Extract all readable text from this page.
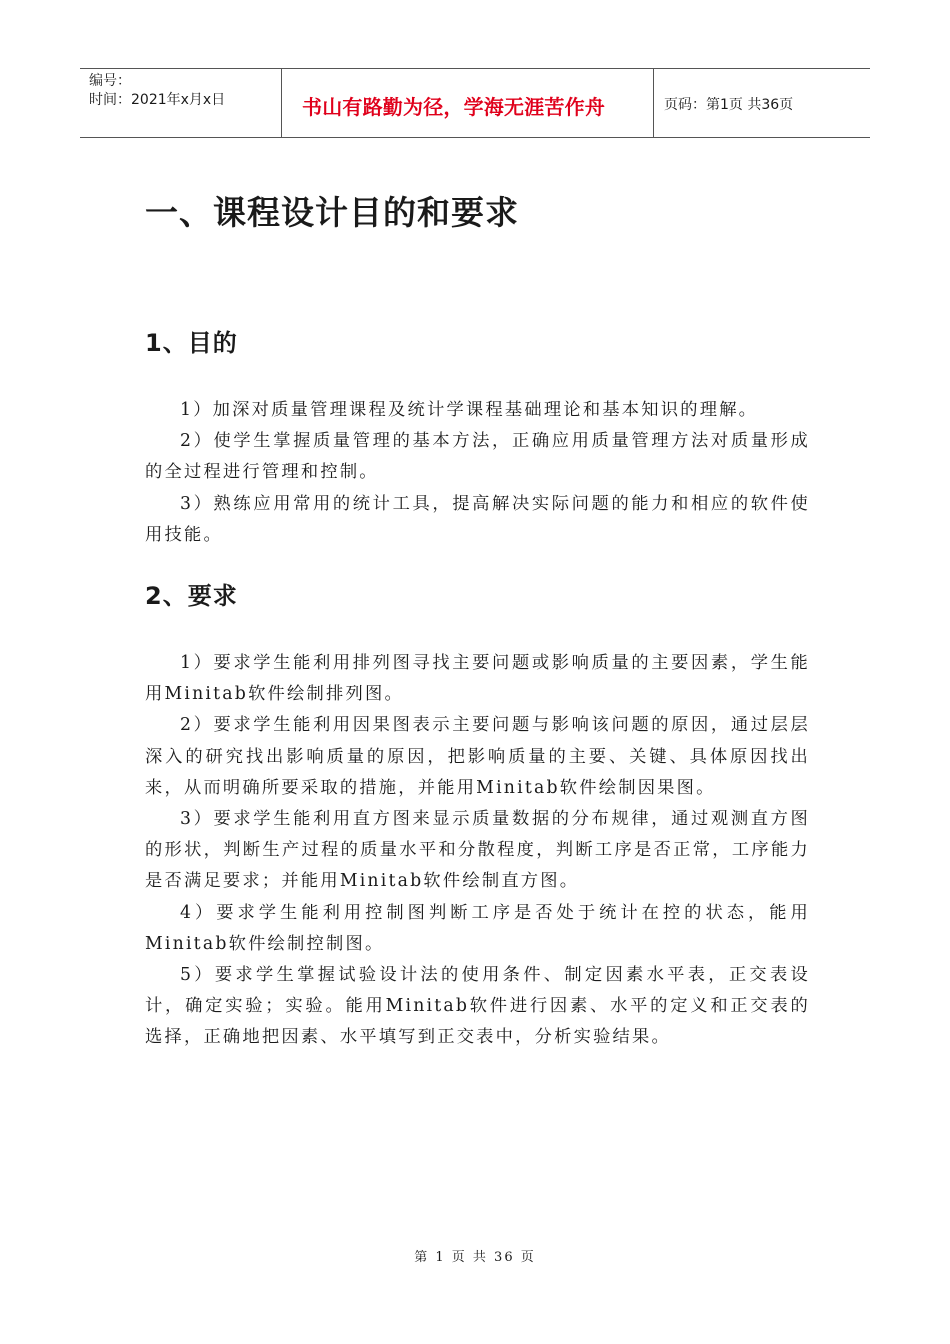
编号：
时间：2021年x月x日	书山有路勤为径，学海无涯苦作舟	页码：第1页 共36页
一、课程设计目的和要求
1、目的

1）加深对质量管理课程及统计学课程基础理论和基本知识的理解。

2）使学生掌握质量管理的基本方法，正确应用质量管理方法对质量形成的全过程进行管理和控制。

3）熟练应用常用的统计工具，提高解决实际问题的能力和相应的软件使用技能。

2、要求

1）要求学生能利用排列图寻找主要问题或影响质量的主要因素，学生能用Minitab软件绘制排列图。

2）要求学生能利用因果图表示主要问题与影响该问题的原因，通过层层深入的研究找出影响质量的原因，把影响质量的主要、关键、具体原因找出来，从而明确所要采取的措施，并能用Minitab软件绘制因果图。

3）要求学生能利用直方图来显示质量数据的分布规律，通过观测直方图的形状，判断生产过程的质量水平和分散程度，判断工序是否正常，工序能力是否满足要求；并能用Minitab软件绘制直方图。

4）要求学生能利用控制图判断工序是否处于统计在控的状态，能用Minitab软件绘制控制图。

5）要求学生掌握试验设计法的使用条件、制定因素水平表，正交表设计，确定实验；实验。能用Minitab软件进行因素、水平的定义和正交表的选择，正确地把因素、水平填写到正交表中，分析实验结果。

第 1 页 共 36 页
